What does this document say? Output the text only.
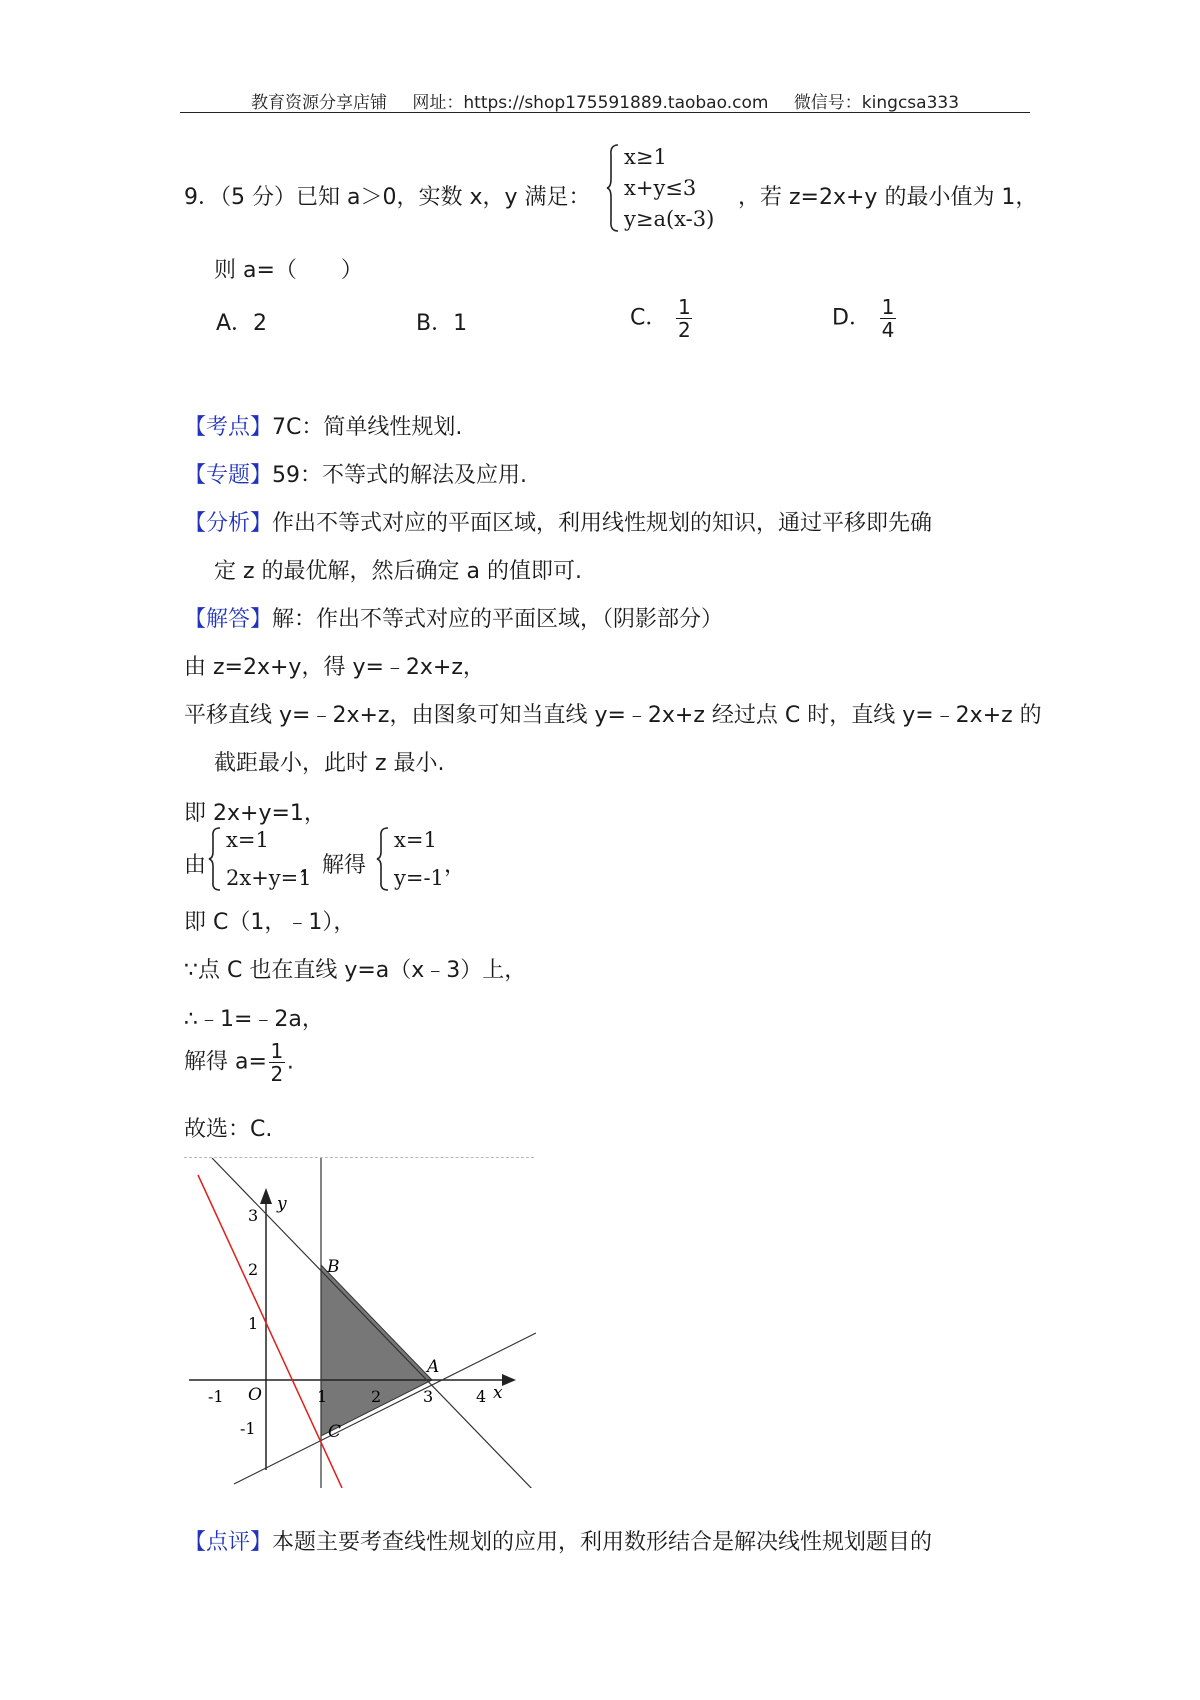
教育资源分享店铺 网址：https://shop175591889.taobao.com 微信号：kingcsa333
9．（5 分）已知 a＞0，实数 x，y 满足：
x≥1
x+y≤3
y≥a(x-3)
，若 z=2x+y 的最小值为 1，
则 a=（　　）
A．2	B．1	C． $\frac{1}{2}$	D． $\frac{1}{4}$
【考点】7C：简单线性规划.
【专题】59：不等式的解法及应用.
【分析】作出不等式对应的平面区域，利用线性规划的知识，通过平移即先确
定 z 的最优解，然后确定 a 的值即可.
【解答】解：作出不等式对应的平面区域，（阴影部分）
由 z=2x+y，得 y=﹣2x+z，
平移直线 y=﹣2x+z，由图象可知当直线 y=﹣2x+z 经过点 C 时，直线 y=﹣2x+z 的
截距最小，此时 z 最小.
即 2x+y=1，
由
x=1
2x+y=1
，解得
x=1
y=-1 ，
即 C（1，﹣1），
∵点 C 也在直线 y=a（x﹣3）上，
∴﹣1=﹣2a，
解得 $a= \frac{1}{2}$ .
故选：C.
-1	1	2	3	4
3
2
1
-1
x
y
O
B
A
C
【点评】本题主要考查线性规划的应用，利用数形结合是解决线性规划题目的
